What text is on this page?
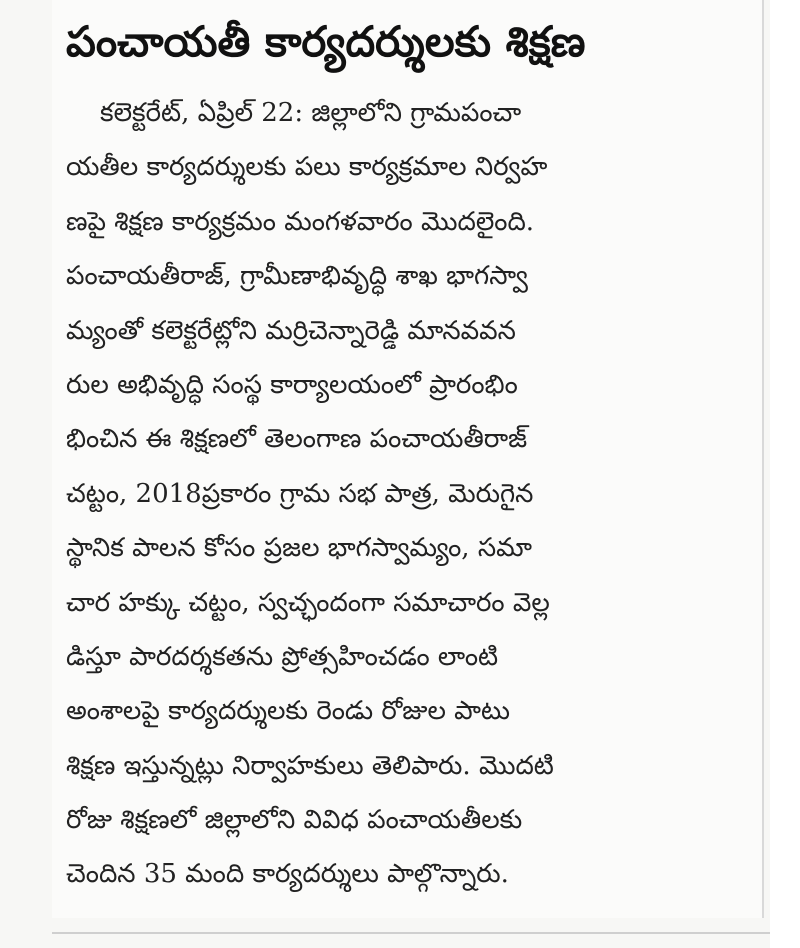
పంచాయతీ కార్యదర్శులకు శిక్షణ
కలెక్టరేట్, ఏప్రిల్ 22: జిల్లాలోని గ్రామపంచా
యతీల కార్యదర్శులకు పలు కార్యక్రమాల నిర్వహ
ణపై శిక్షణ కార్యక్రమం మంగళవారం మొదలైంది.
పంచాయతీరాజ్, గ్రామీణాభివృద్ధి శాఖ భాగస్వా
మ్యంతో కలెక్టరేట్లోని మర్రిచెన్నారెడ్డి మానవవన
రుల అభివృద్ధి సంస్థ కార్యాలయంలో ప్రారంభిం
భించిన ఈ శిక్షణలో తెలంగాణ పంచాయతీరాజ్
చట్టం, 2018ప్రకారం గ్రామ సభ పాత్ర, మెరుగైన
స్థానిక పాలన కోసం ప్రజల భాగస్వామ్యం, సమా
చార హక్కు చట్టం, స్వచ్ఛందంగా సమాచారం వెల్ల
డిస్తూ పారదర్శకతను ప్రోత్సహించడం లాంటి
అంశాలపై కార్యదర్శులకు రెండు రోజుల పాటు
శిక్షణ ఇస్తున్నట్లు నిర్వాహకులు తెలిపారు. మొదటి
రోజు శిక్షణలో జిల్లాలోని వివిధ పంచాయతీలకు
చెందిన 35 మంది కార్యదర్శులు పాల్గొన్నారు.
